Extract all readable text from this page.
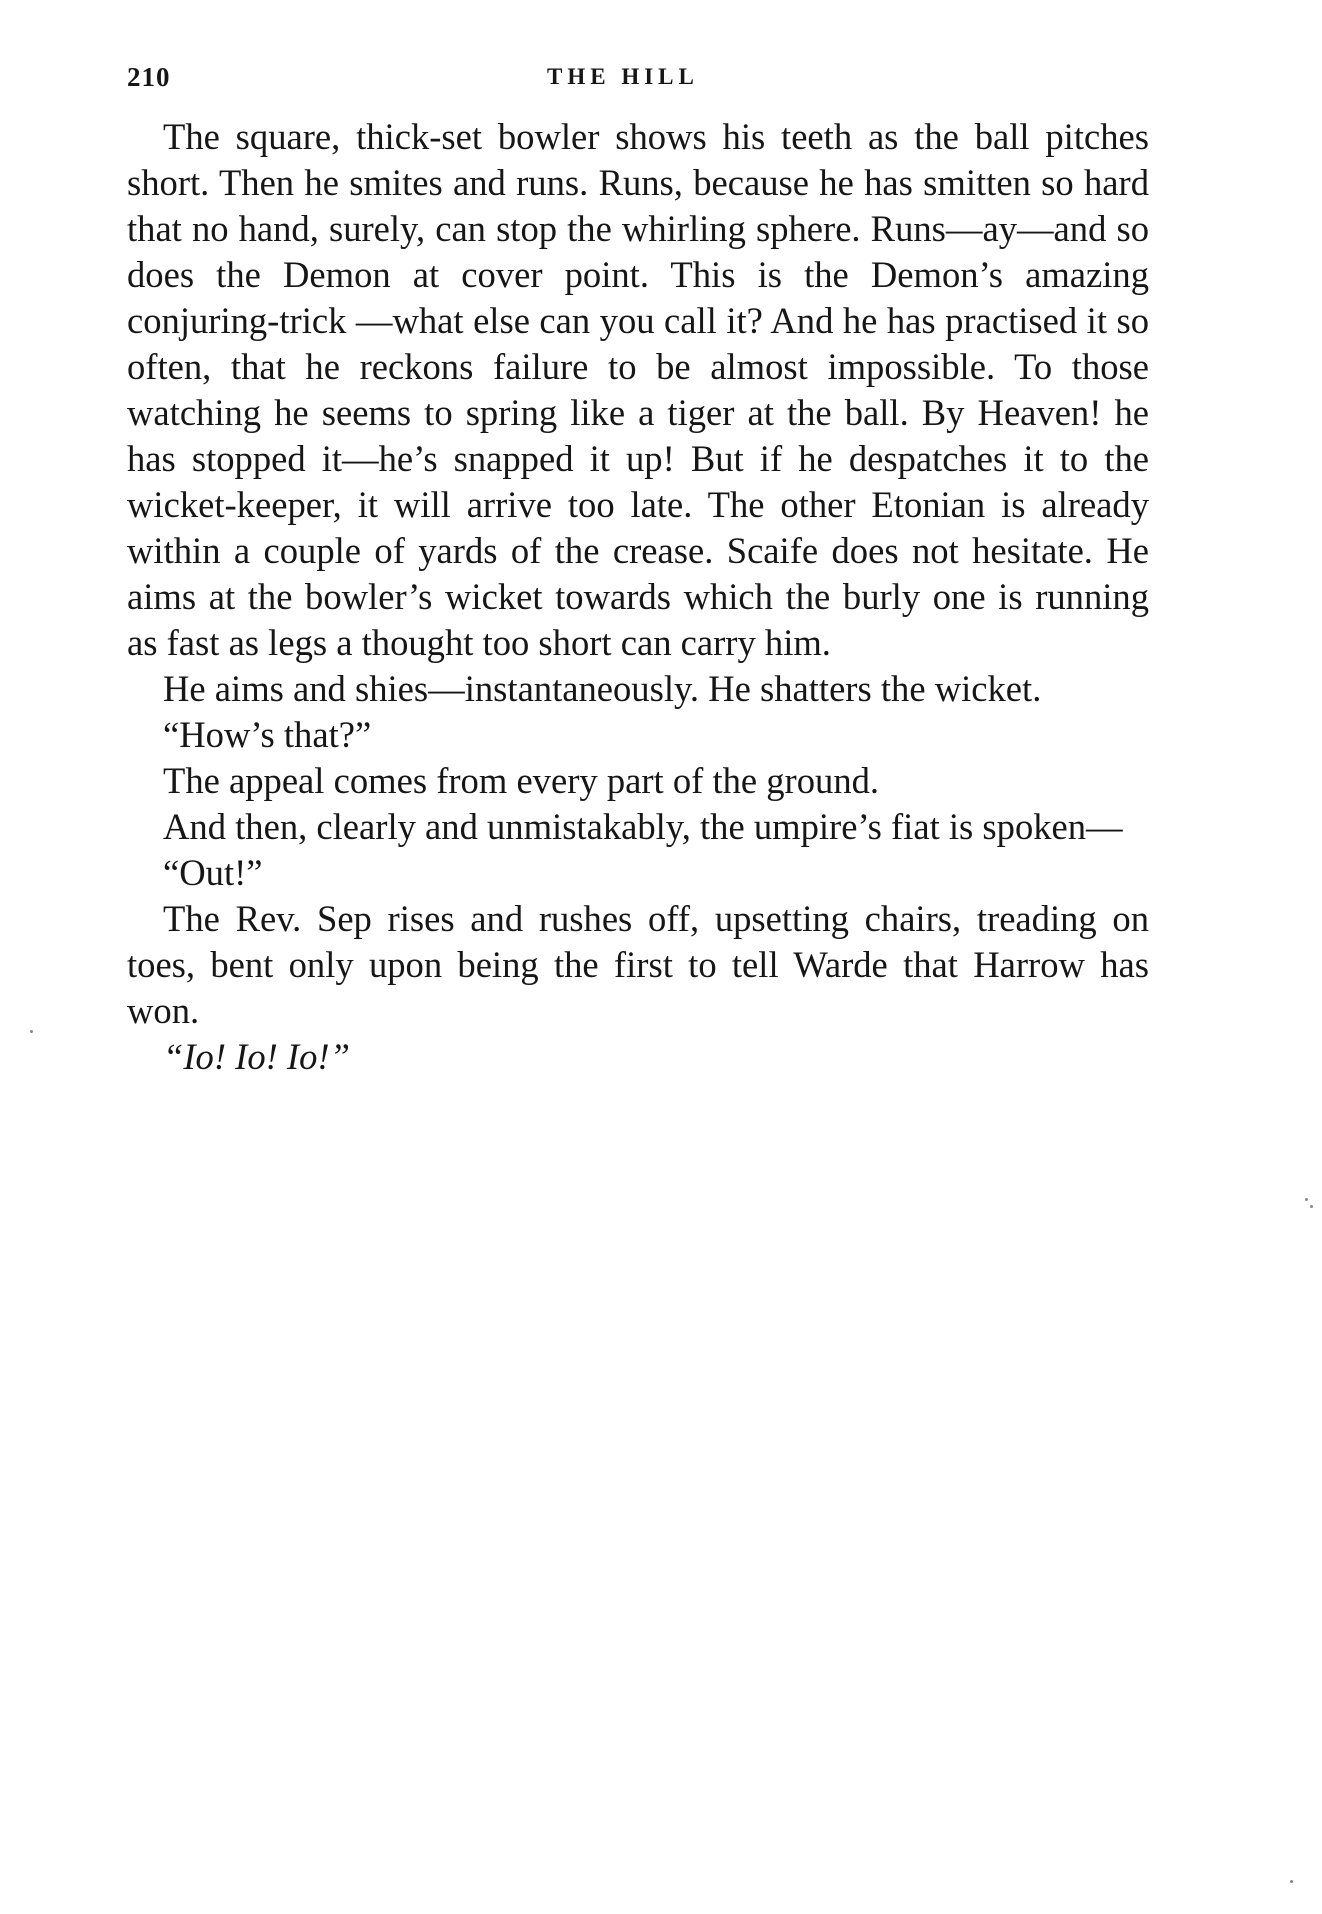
210	THE HILL

The square, thick-set bowler shows his teeth as the ball pitches short. Then he smites and runs. Runs, because he has smitten so hard that no hand, surely, can stop the whirling sphere. Runs—ay—and so does the Demon at cover point. This is the Demon’s amazing conjuring-trick —what else can you call it? And he has practised it so often, that he reckons failure to be almost impossible. To those watching he seems to spring like a tiger at the ball. By Heaven! he has stopped it—he’s snapped it up! But if he despatches it to the wicket-keeper, it will arrive too late. The other Etonian is already within a couple of yards of the crease. Scaife does not hesitate. He aims at the bowler’s wicket towards which the burly one is running as fast as legs a thought too short can carry him.

He aims and shies—instantaneously. He shatters the wicket.

“How’s that?”

The appeal comes from every part of the ground.

And then, clearly and unmistakably, the umpire’s fiat is spoken—

“Out!”

The Rev. Sep rises and rushes off, upsetting chairs, treading on toes, bent only upon being the first to tell Warde that Harrow has won.

“Io! Io! Io!”
